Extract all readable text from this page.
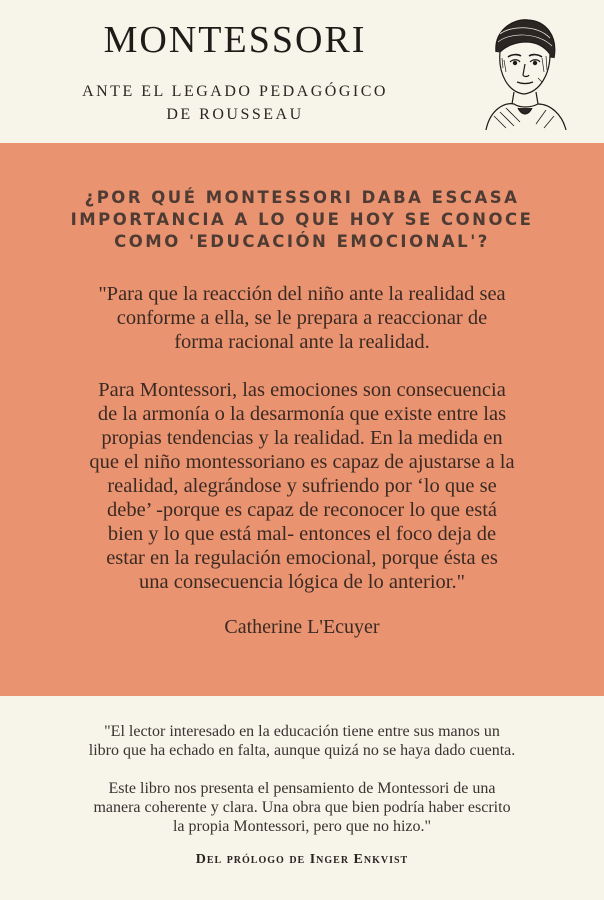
MONTESSORI
ANTE EL LEGADO PEDAGÓGICO
DE ROUSSEAU
¿POR QUÉ MONTESSORI DABA ESCASA
IMPORTANCIA A LO QUE HOY SE CONOCE
COMO 'EDUCACIÓN EMOCIONAL'?

"Para que la reacción del niño ante la realidad sea
conforme a ella, se le prepara a reaccionar de
forma racional ante la realidad.

Para Montessori, las emociones son consecuencia
de la armonía o la desarmonía que existe entre las
propias tendencias y la realidad. En la medida en
que el niño montessoriano es capaz de ajustarse a la
realidad, alegrándose y sufriendo por ‘lo que se
debe’ -porque es capaz de reconocer lo que está
bien y lo que está mal- entonces el foco deja de
estar en la regulación emocional, porque ésta es
una consecuencia lógica de lo anterior."

Catherine L'Ecuyer

"El lector interesado en la educación tiene entre sus manos un
libro que ha echado en falta, aunque quizá no se haya dado cuenta.

Este libro nos presenta el pensamiento de Montessori de una
manera coherente y clara. Una obra que bien podría haber escrito
la propia Montessori, pero que no hizo."

Del prólogo de Inger Enkvist
